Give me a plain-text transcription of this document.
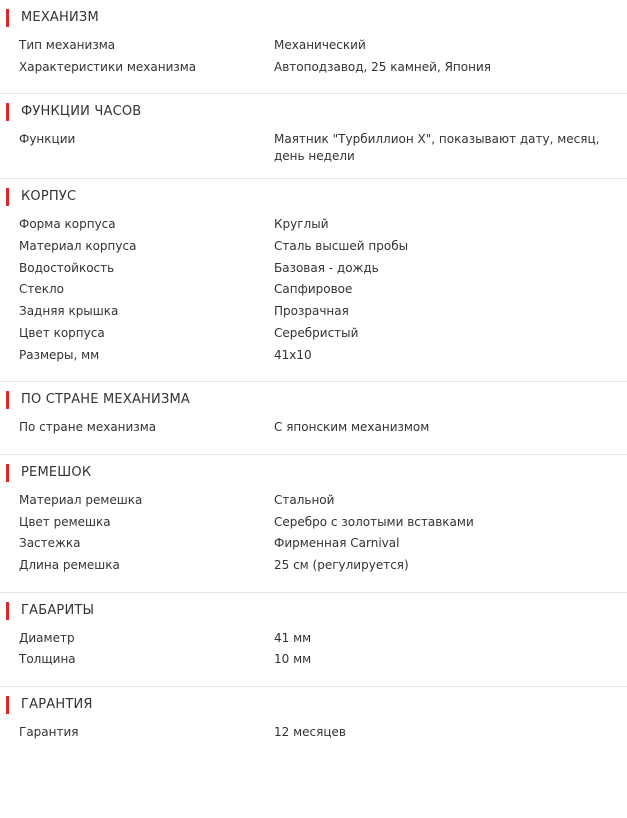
МЕХАНИЗМ
Тип механизма	Механический
Характеристики механизма	Автоподзавод, 25 камней, Япония
ФУНКЦИИ ЧАСОВ
Функции	Маятник "Турбиллион X", показывают дату, месяц, день недели
КОРПУС
Форма корпуса	Круглый
Материал корпуса	Сталь высшей пробы
Водостойкость	Базовая - дождь
Стекло	Сапфировое
Задняя крышка	Прозрачная
Цвет корпуса	Серебристый
Размеры, мм	41x10
ПО СТРАНЕ МЕХАНИЗМА
По стране механизма	С японским механизмом
РЕМЕШОК
Материал ремешка	Стальной
Цвет ремешка	Серебро с золотыми вставками
Застежка	Фирменная Carnival
Длина ремешка	25 см (регулируется)
ГАБАРИТЫ
Диаметр	41 мм
Толщина	10 мм
ГАРАНТИЯ
Гарантия	12 месяцев
